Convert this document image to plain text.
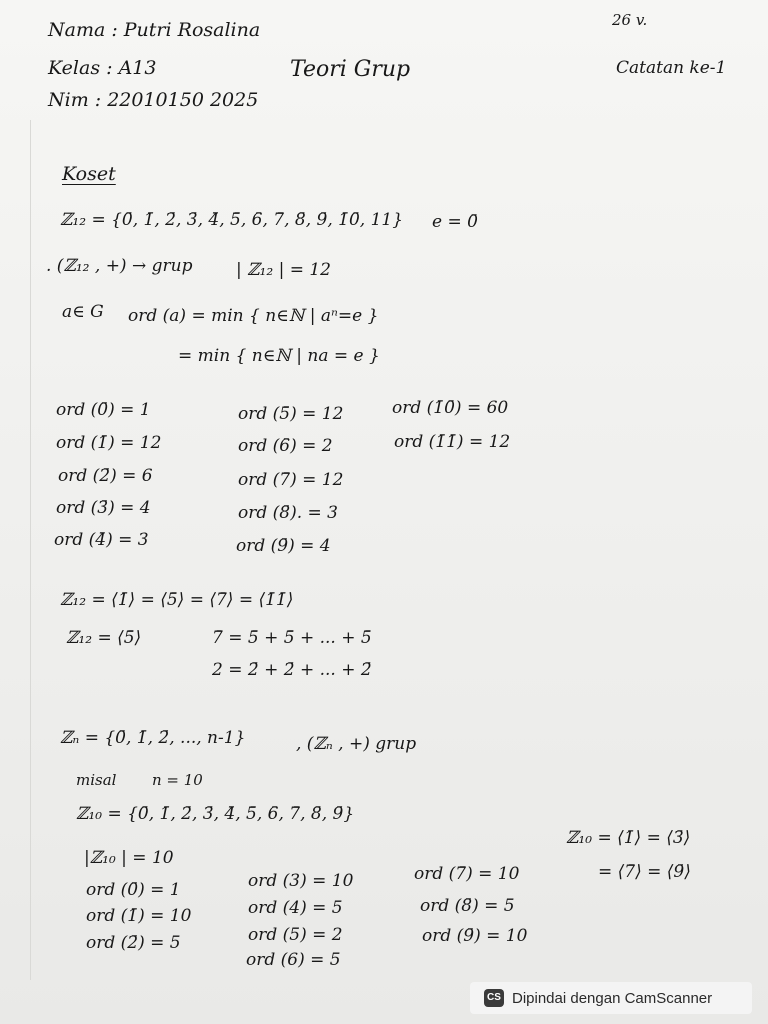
Nama : Putri Rosalina
Kelas : A13
Nim : 22010150 2025
Teori Grup	Catatan ke-1
26 v.
Koset
ℤ₁₂ = {0̄, 1̄, 2̄, 3̄, 4̄, 5̄, 6̄, 7̄, 8̄, 9̄, 1̄0̄, 11} e = 0̄
. (ℤ₁₂ , +) → grup	| ℤ₁₂ | = 12
a∈ G ord (a) = min { n∈ℕ | aⁿ=e }
= min { n∈ℕ | na = e }
ord (0̄) = 1
ord (1̄) = 12
ord (2̄) = 6
ord (3̄) = 4
ord (4̄) = 3
ord (5̄) = 12
ord (6̄) = 2
ord (7̄) = 12
ord (8̄). = 3
ord (9̄) = 4
ord (1̄0̄) = 60
ord (1̄1̄) = 12
ℤ₁₂ = ⟨1̄⟩ = ⟨5̄⟩ = ⟨7̄⟩ = ⟨1̄1̄⟩
ℤ₁₂ = ⟨5̄⟩	7̄ = 5̄ + 5̄ + ... + 5̄
2 = 2̄ + 2̄ + ... + 2̄
ℤₙ = {0̄, 1̄, 2̄, ..., n-1}	, (ℤₙ , +) grup
misal n = 10
ℤ₁₀ = {0̄, 1̄, 2̄, 3̄, 4̄, 5̄, 6̄, 7̄, 8̄, 9̄}
ℤ₁₀ = ⟨1̄⟩ = ⟨3̄⟩
= ⟨7̄⟩ = ⟨9̄⟩
|ℤ₁₀ | = 10
ord (0̄) = 1
ord (1̄) = 10
ord (2̄) = 5
ord (3) = 10
ord (4) = 5
ord (5) = 2
ord (6) = 5
ord (7̄) = 10
ord (8̄) = 5
ord (9̄) = 10
CS Dipindai dengan CamScanner
